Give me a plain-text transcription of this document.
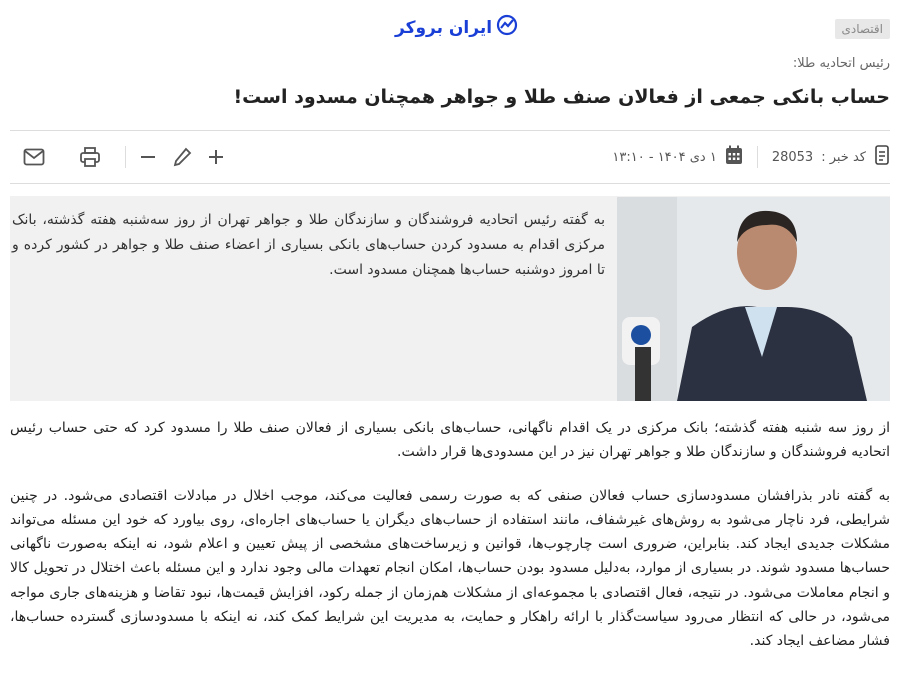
ایران بروکر	اقتصادی
رئیس اتحادیه طلا:
حساب بانکی جمعی از فعالان صنف طلا و جواهر همچنان مسدود است!
کد خبر :
28053
۱ دی ۱۴۰۴ - ۱۳:۱۰

به گفته رئیس اتحادیه فروشندگان و سازندگان طلا و جواهر تهران از روز سه‌شنبه هفته گذشته، بانک مرکزی اقدام به مسدود کردن حساب‌های بانکی بسیاری از اعضاء صنف طلا و جواهر در کشور کرده و تا امروز دوشنبه حساب‌ها همچنان مسدود است.

از روز سه شنبه هفته گذشته؛ بانک مرکزی در یک اقدام ناگهانی، حساب‌های بانکی بسیاری از فعالان صنف طلا را مسدود کرد که حتی حساب رئیس اتحادیه فروشندگان و سازندگان طلا و جواهر تهران نیز در این مسدودی‌ها قرار داشت.

به گفته نادر بذرافشان مسدودسازی حساب فعالان صنفی که به صورت رسمی فعالیت می‌کند، موجب اخلال در مبادلات اقتصادی می‌شود. در چنین شرایطی، فرد ناچار می‌شود به روش‌های غیرشفاف، مانند استفاده از حساب‌های دیگران یا حساب‌های اجاره‌ای، روی بیاورد که خود این مسئله می‌تواند مشکلات جدیدی ایجاد کند. بنابراین، ضروری است چارچوب‌ها، قوانین و زیرساخت‌های مشخصی از پیش تعیین و اعلام شود، نه اینکه به‌صورت ناگهانی حساب‌ها مسدود شوند. در بسیاری از موارد، به‌دلیل مسدود بودن حساب‌ها، امکان انجام تعهدات مالی وجود ندارد و این مسئله باعث اختلال در تحویل کالا و انجام معاملات می‌شود. در نتیجه، فعال اقتصادی با مجموعه‌ای از مشکلات هم‌زمان از جمله رکود، افزایش قیمت‌ها، نبود تقاضا و هزینه‌های جاری مواجه می‌شود، در حالی که انتظار می‌رود سیاست‌گذار با ارائه راهکار و حمایت، به مدیریت این شرایط کمک کند، نه اینکه با مسدودسازی گسترده حساب‌ها، فشار مضاعف ایجاد کند.
